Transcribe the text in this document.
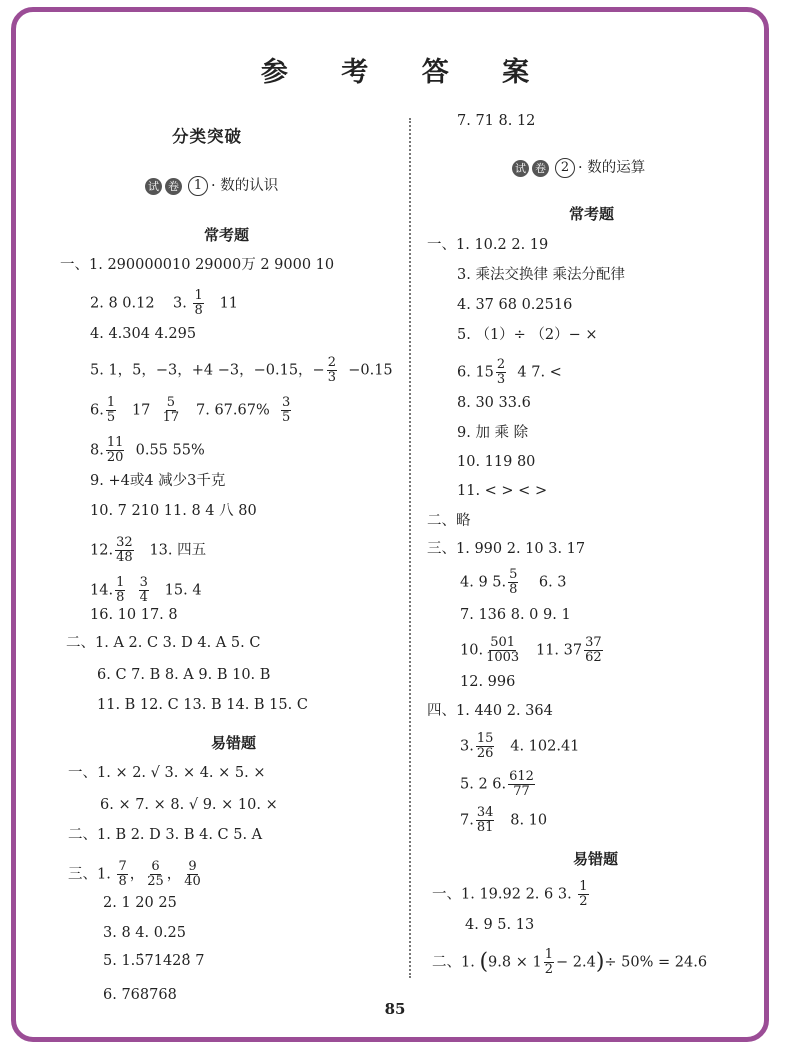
参 考 答 案
分类突破
试 卷 1 · 数的认识
常考题
一、1. 290000010 29000万 2 9000 10
2. 8 0.12 3. $\frac{1}{8} 11$
4. 4.304 4.295
5. 1，5，−3，+4 −3，−0.15，− $\frac{2}{3} -0.15$
6. $\frac{1}{5} 17 \frac{5}{17} 7$. $67.67\% \frac{3}{5}$
8. $\frac{11}{20} 0.55$ 55%
9. +4或4 减少3千克
10. 7 210 11. 8 4 八 80
12. $\frac{32}{48} 13$. 四五
14. $\frac{1}{8}$
$\frac{3}{4} 15$. 4
16. 10 17. 8
二、1. A 2. C 3. D 4. A 5. C
6. C 7. B 8. A 9. B 10. B
11. B 12. C 13. B 14. B 15. C
易错题
一、1. × 2. √ 3. × 4. × 5. ×
6. × 7. × 8. √ 9. × 10. ×
二、1. B 2. D 3. B 4. C 5. A
三、1. $\frac{7}{8}$ ， $\frac{6}{25}$ ， $\frac{9}{40}$
2. 1 20 25
3. 8 4. 0.25
5. 1.5̇71428̇ 7
6. 768768
7. 71 8. 12
试 卷 2 · 数的运算
常考题
一、1. 10.2 2. 19
3. 乘法交换律 乘法分配律
4. 37 68 0.2516
5. （1）÷ （2）− ×
6. $15 \frac{2}{3} 4$ 7. <
8. 30 33.6
9. 加 乘 除
10. 119 80
11. < > < >
二、略
三、1. 990 2. 10 3. 17
4. 9 5. $\frac{5}{8} 6$. 3
7. 136 8. 0 9. 1
10. $\frac{501}{1003} 11$. $37 \frac{37}{62}$
12. 996
四、1. 440 2. 364
3. $\frac{15}{26} 4$. 102.41
5. 2 6. $\frac{612}{77}$
7. $\frac{34}{81} 8$. 10
易错题
一、1. 19.92 2. 6 3. $\frac{1}{2}$
4. 9 5. 13
二、1. $(9.8 \times 1 \frac{1}{2} - 2.4)\div 50\% = 24.6$
85
